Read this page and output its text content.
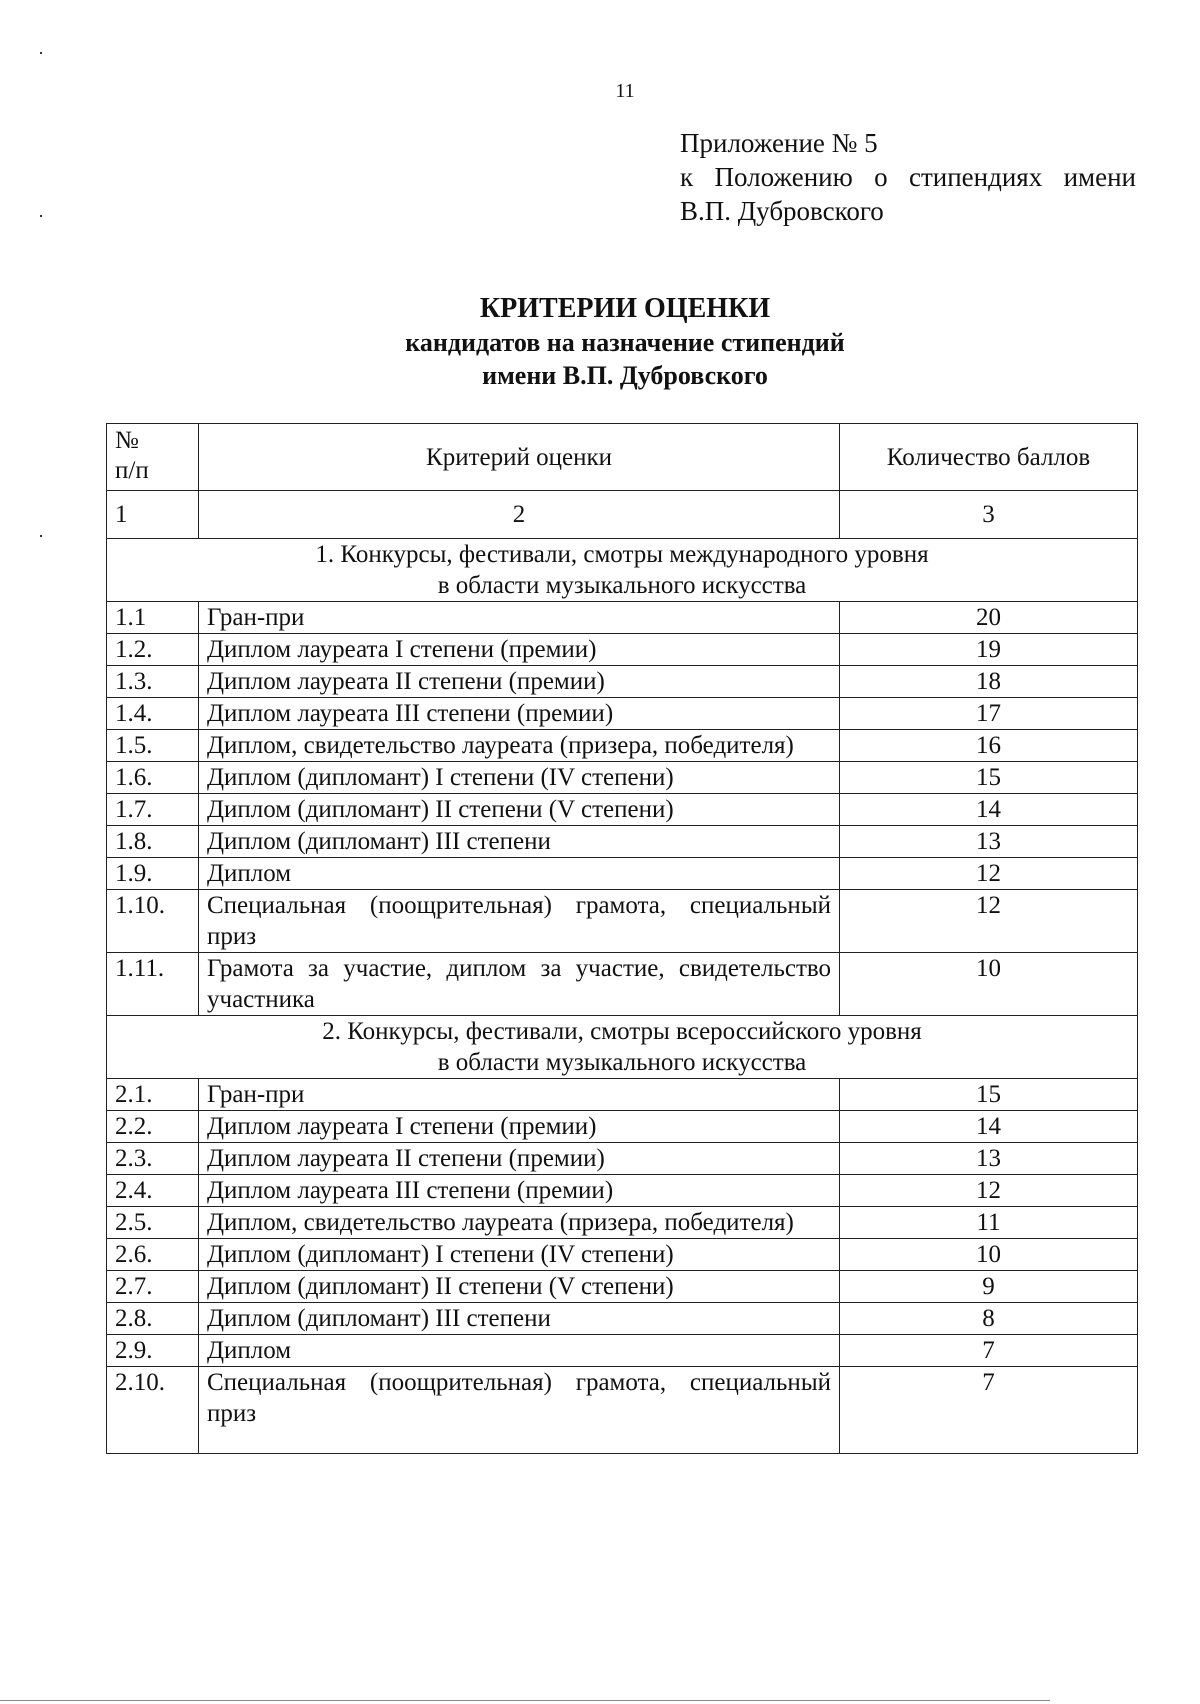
11
Приложение № 5
к Положению о стипендиях имени
В.П. Дубровского
КРИТЕРИИ ОЦЕНКИ
кандидатов на назначение стипендий
имени В.П. Дубровского
№
п/п	Критерий оценки	Количество баллов
1	2	3

1. Конкурсы, фестивали, смотры международного уровня
в области музыкального искусства		

1.1	Гран-при	20
1.2.	Диплом лауреата I степени (премии)	19
1.3.	Диплом лауреата II степени (премии)	18
1.4.	Диплом лауреата III степени (премии)	17
1.5.	Диплом, свидетельство лауреата (призера, победителя)	16
1.6.	Диплом (дипломант) I степени (IV степени)	15
1.7.	Диплом (дипломант) II степени (V степени)	14
1.8.	Диплом (дипломант) III степени	13
1.9.	Диплом	12
1.10.	Специальная (поощрительная) грамота, специальный приз	12
1.11.	Грамота за участие, диплом за участие, свидетельство участника	10

2. Конкурсы, фестивали, смотры всероссийского уровня
в области музыкального искусства		

2.1.	Гран-при	15
2.2.	Диплом лауреата I степени (премии)	14
2.3.	Диплом лауреата II степени (премии)	13
2.4.	Диплом лауреата III степени (премии)	12
2.5.	Диплом, свидетельство лауреата (призера, победителя)	11
2.6.	Диплом (дипломант) I степени (IV степени)	10
2.7.	Диплом (дипломант) II степени (V степени)	9
2.8.	Диплом (дипломант) III степени	8
2.9.	Диплом	7
2.10.	Специальная (поощрительная) грамота, специальный приз	7
